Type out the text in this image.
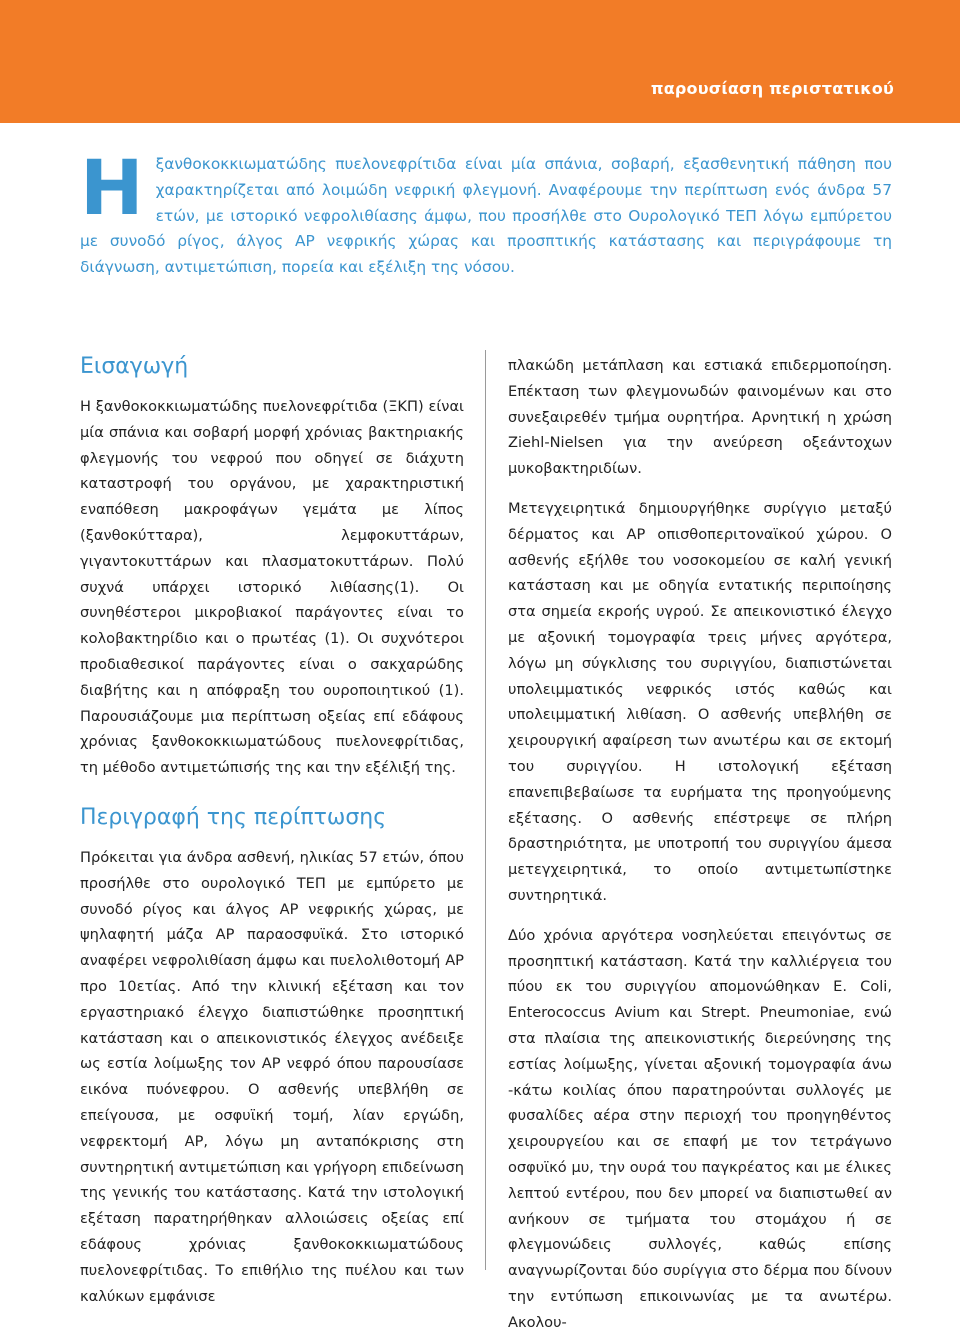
παρουσίαση περιστατικού
Η ξανθοκοκκιωματώδης πυελονεφρίτιδα είναι μία σπάνια, σοβαρή, εξασθενητική πάθηση που χαρακτηρίζεται από λοιμώδη νεφρική φλεγμονή. Αναφέρουμε την περίπτωση ενός άνδρα 57 ετών, με ιστορικό νεφρολιθίασης άμφω, που προσήλθε στο Ουρολογικό ΤΕΠ λόγω εμπύρετου με συνοδό ρίγος, άλγος ΑΡ νεφρικής χώρας και προσπτικής κατάστασης και περιγράφουμε τη διάγνωση, αντιμετώπιση, πορεία και εξέλιξη της νόσου.
Εισαγωγή

Η ξανθοκοκκιωματώδης πυελονεφρίτιδα (ΞΚΠ) είναι μία σπάνια και σοβαρή μορφή χρόνιας βακτηριακής φλεγμονής του νεφρού που οδηγεί σε διάχυτη καταστροφή του οργάνου, με χαρακτηριστική εναπόθεση μακροφάγων γεμάτα με λίπος (ξανθοκύτταρα), λεμφοκυττάρων, γιγαντοκυττάρων και πλασματοκυττάρων. Πολύ συχνά υπάρχει ιστορικό λιθίασης(1). Οι συνηθέστεροι μικροβιακοί παράγοντες είναι το κολοβακτηρίδιο και ο πρωτέας (1). Οι συχνότεροι προδιαθεσικοί παράγοντες είναι ο σακχαρώδης διαβήτης και η απόφραξη του ουροποιητικού (1). Παρουσιάζουμε μια περίπτωση οξείας επί εδάφους χρόνιας ξανθοκοκκιωματώδους πυελονεφρίτιδας, τη μέθοδο αντιμετώπισής της και την εξέλιξή της.

Περιγραφή της περίπτωσης

Πρόκειται για άνδρα ασθενή, ηλικίας 57 ετών, όπου προσήλθε στο ουρολογικό ΤΕΠ με εμπύρετο με συνοδό ρίγος και άλγος ΑΡ νεφρικής χώρας, με ψηλαφητή μάζα ΑΡ παραοσφυϊκά. Στο ιστορικό αναφέρει νεφρολιθίαση άμφω και πυελολιθοτομή ΑΡ προ 10ετίας. Από την κλινική εξέταση και τον εργαστηριακό έλεγχο διαπιστώθηκε προσηπτική κατάσταση και ο απεικονιστικός έλεγχος ανέδειξε ως εστία λοίμωξης τον ΑΡ νεφρό όπου παρουσίασε εικόνα πυόνεφρου. Ο ασθενής υπεβλήθη σε επείγουσα, με οσφυϊκή τομή, λίαν εργώδη, νεφρεκτομή ΑΡ, λόγω μη ανταπόκρισης στη συντηρητική αντιμετώπιση και γρήγορη επιδείνωση της γενικής του κατάστασης. Κατά την ιστολογική εξέταση παρατηρήθηκαν αλλοιώσεις οξείας επί εδάφους χρόνιας ξανθοκοκκιωματώδους πυελονεφρίτιδας. Το επιθήλιο της πυέλου και των καλύκων εμφάνισε

πλακώδη μετάπλαση και εστιακά επιδερμοποίηση. Επέκταση των φλεγμονωδών φαινομένων και στο συνεξαιρεθέν τμήμα ουρητήρα. Αρνητική η χρώση Ziehl-Nielsen για την ανεύρεση οξεάντοχων μυκοβακτηριδίων.

Μετεγχειρητικά δημιουργήθηκε συρίγγιο μεταξύ δέρματος και ΑΡ οπισθοπεριτοναϊκού χώρου. Ο ασθενής εξήλθε του νοσοκομείου σε καλή γενική κατάσταση και με οδηγία εντατικής περιποίησης στα σημεία εκροής υγρού. Σε απεικονιστικό έλεγχο με αξονική τομογραφία τρεις μήνες αργότερα, λόγω μη σύγκλισης του συριγγίου, διαπιστώνεται υπολειμματικός νεφρικός ιστός καθώς και υπολειμματική λιθίαση. Ο ασθενής υπεβλήθη σε χειρουργική αφαίρεση των ανωτέρω και σε εκτομή του συριγγίου. Η ιστολογική εξέταση επανεπιβεβαίωσε τα ευρήματα της προηγούμενης εξέτασης. Ο ασθενής επέστρεψε σε πλήρη δραστηριότητα, με υποτροπή του συριγγίου άμεσα μετεγχειρητικά, το οποίο αντιμετωπίστηκε συντηρητικά.

Δύο χρόνια αργότερα νοσηλεύεται επειγόντως σε προσηπτική κατάσταση. Κατά την καλλιέργεια του πύου εκ του συριγγίου απομονώθηκαν E. Coli, Enterococcus Avium και Strept. Pneumoniae, ενώ στα πλαίσια της απεικονιστικής διερεύνησης της εστίας λοίμωξης, γίνεται αξονική τομογραφία άνω -κάτω κοιλίας όπου παρατηρούνται συλλογές με φυσαλίδες αέρα στην περιοχή του προηγηθέντος χειρουργείου και σε επαφή με τον τετράγωνο οσφυϊκό μυ, την ουρά του παγκρέατος και με έλικες λεπτού εντέρου, που δεν μπορεί να διαπιστωθεί αν ανήκουν σε τμήματα του στομάχου ή σε φλεγμονώδεις συλλογές, καθώς επίσης αναγνωρίζονται δύο συρίγγια στο δέρμα που δίνουν την εντύπωση επικοινωνίας με τα ανωτέρω. Ακολου-
